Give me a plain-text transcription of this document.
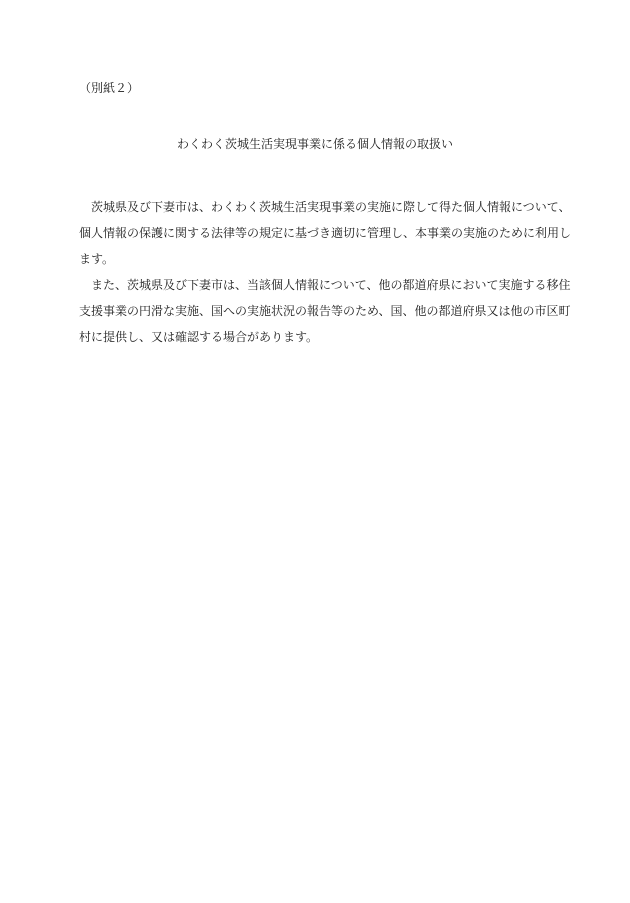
（別紙２）
わくわく茨城生活実現事業に係る個人情報の取扱い
茨城県及び下妻市は、わくわく茨城生活実現事業の実施に際して得た個人情報について、
個人情報の保護に関する法律等の規定に基づき適切に管理し、本事業の実施のために利用し
ます。
また、茨城県及び下妻市は、当該個人情報について、他の都道府県において実施する移住
支援事業の円滑な実施、国への実施状況の報告等のため、国、他の都道府県又は他の市区町
村に提供し、又は確認する場合があります。
